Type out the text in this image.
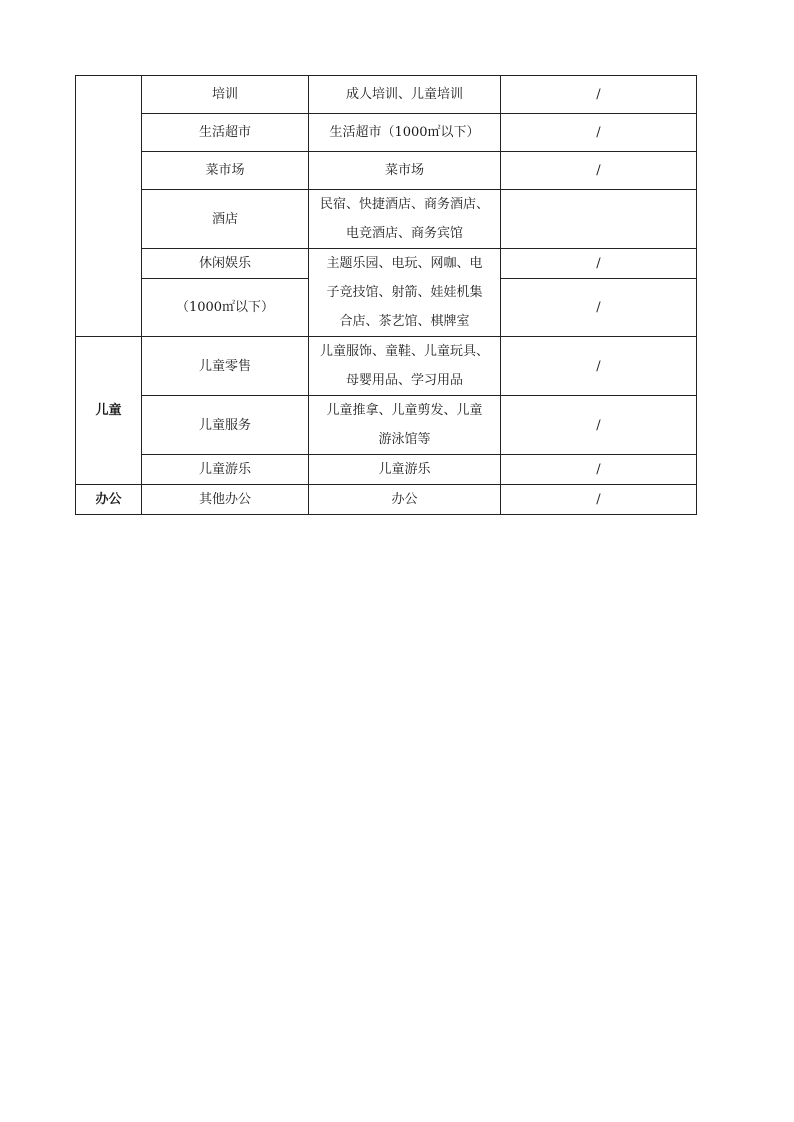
	培训	成人培训、儿童培训	/
	生活超市	生活超市（1000㎡以下）	/
	菜市场	菜市场	/
	酒店	民宿、快捷酒店、商务酒店、
电竞酒店、商务宾馆	

	休闲娱乐	主题乐园、电玩、网咖、电
子竞技馆、射箭、娃娃机集
合店、茶艺馆、棋牌室	/
	（1000㎡以下）		/
儿童	儿童零售	儿童服饰、童鞋、儿童玩具、
母婴用品、学习用品	/
	儿童服务	儿童推拿、儿童剪发、儿童
游泳馆等	/
	儿童游乐	儿童游乐	/
办公	其他办公	办公	/
